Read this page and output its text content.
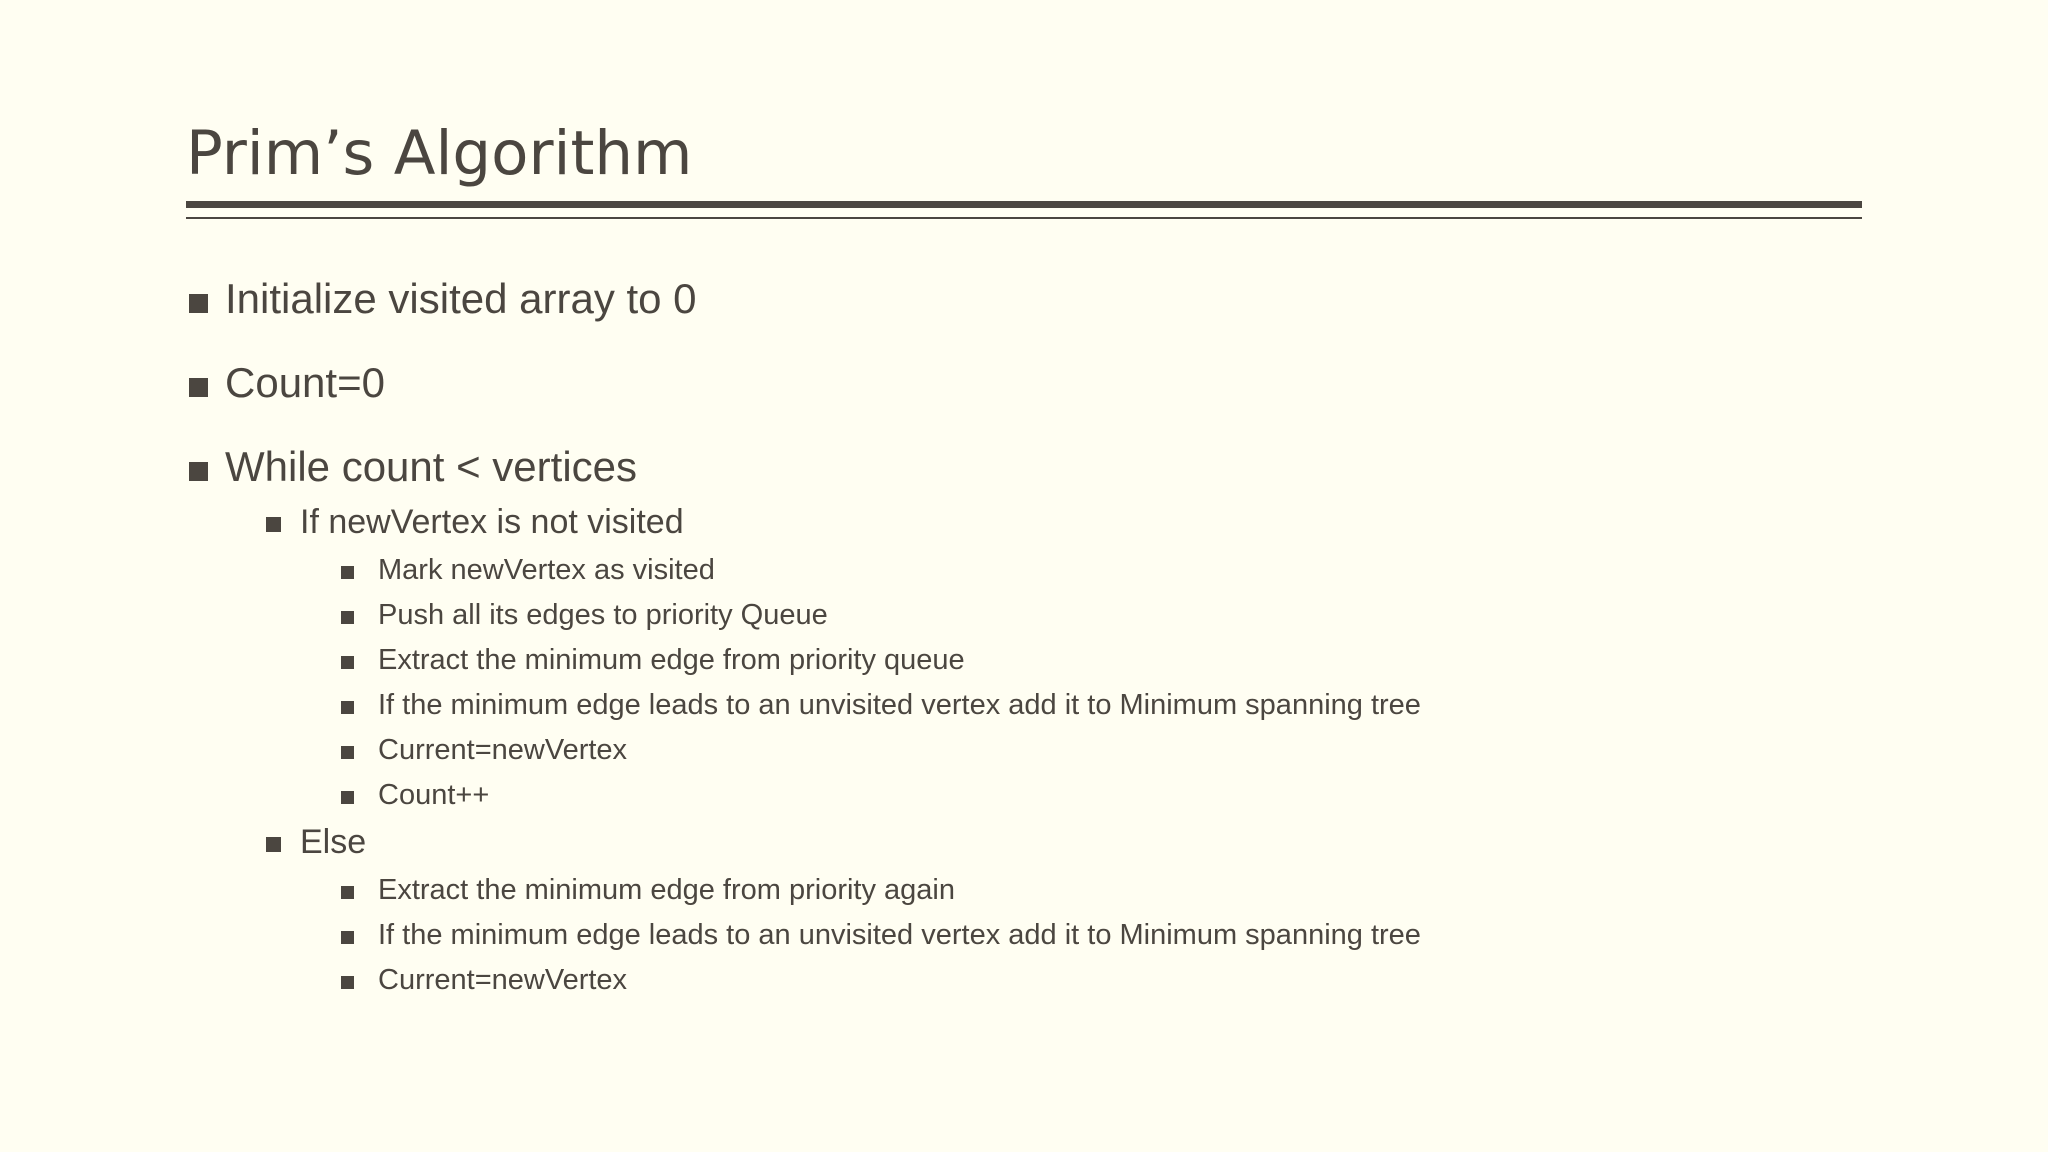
Prim’s Algorithm
Initialize visited array to 0
Count=0
While count < vertices
If newVertex is not visited
Mark newVertex as visited
Push all its edges to priority Queue
Extract the minimum edge from priority queue
If the minimum edge leads to an unvisited vertex add it to Minimum spanning tree
Current=newVertex
Count++
Else
Extract the minimum edge from priority again
If the minimum edge leads to an unvisited vertex add it to Minimum spanning tree
Current=newVertex
